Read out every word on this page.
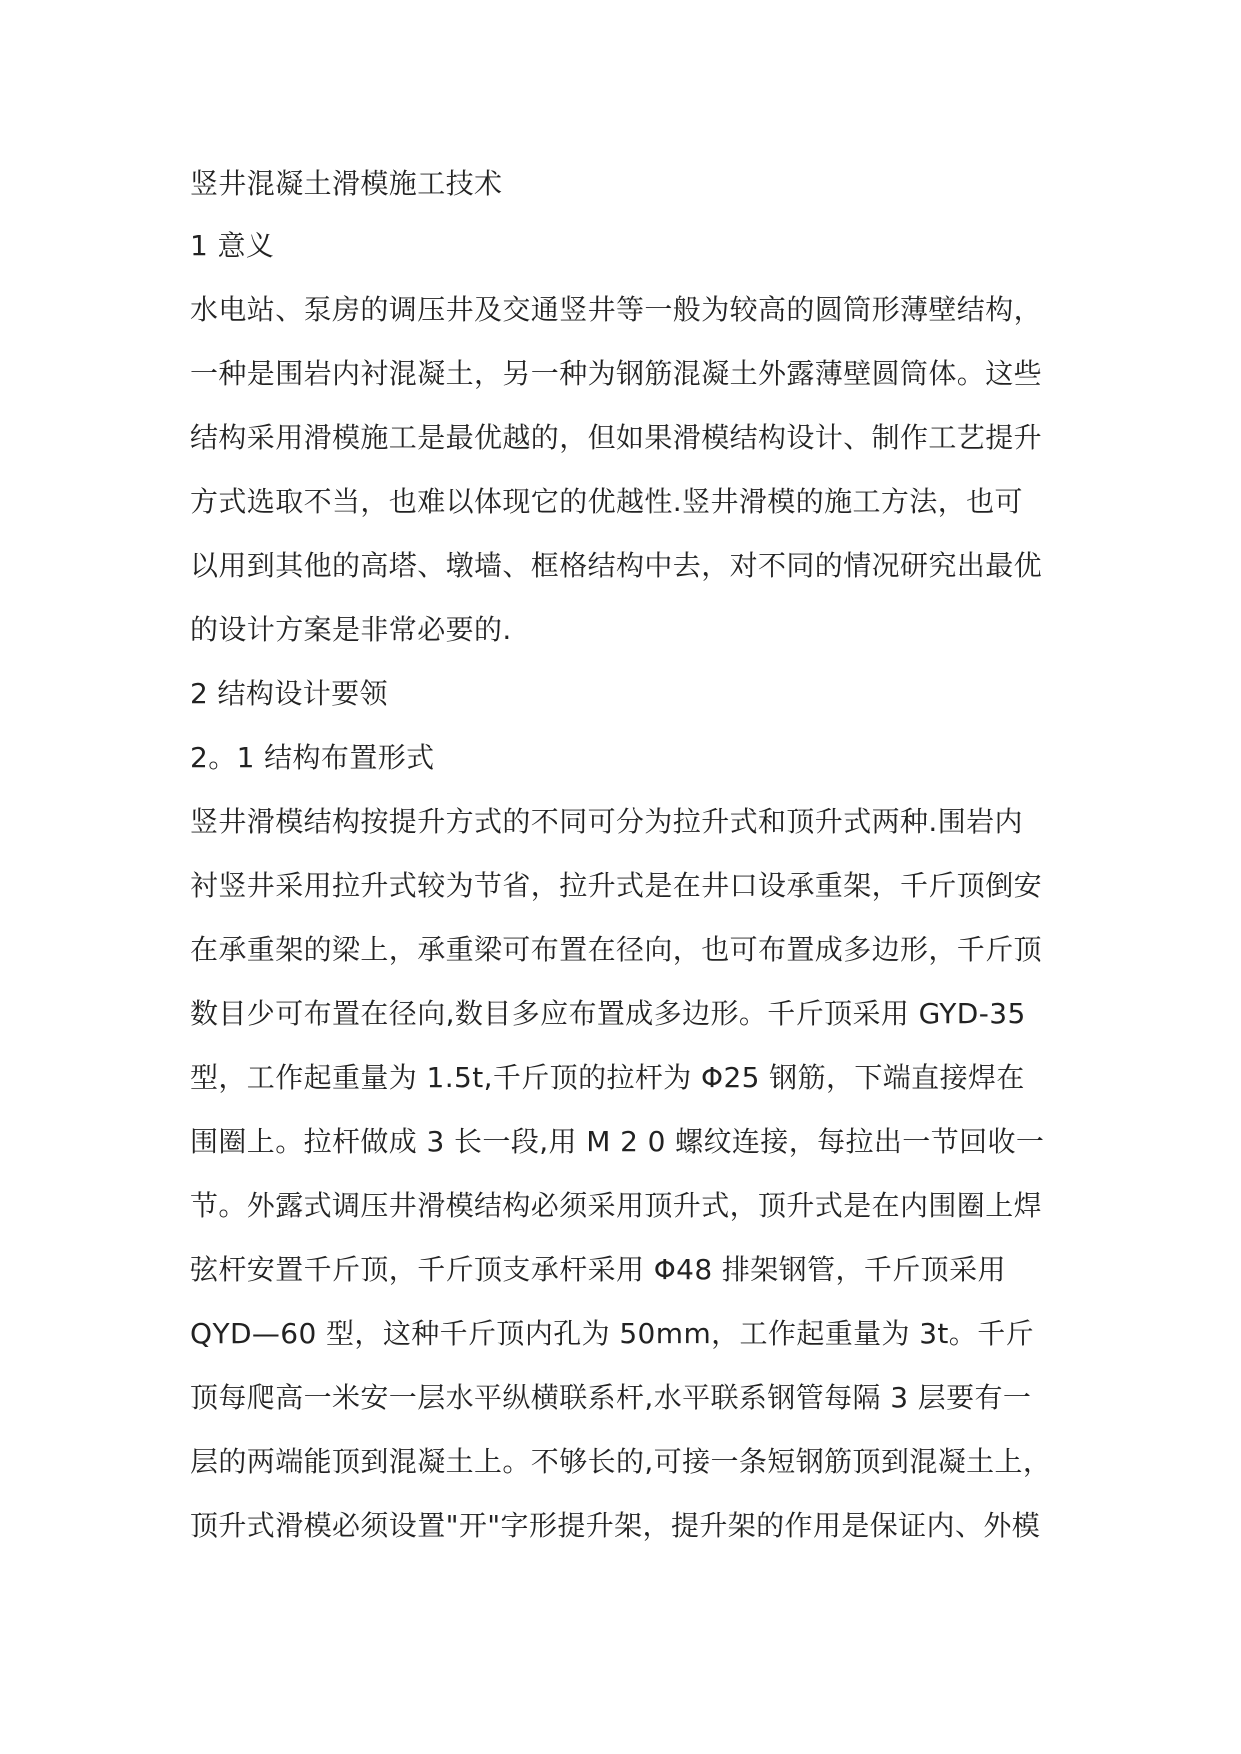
竖井混凝土滑模施工技术
1 意义
水电站、泵房的调压井及交通竖井等一般为较高的圆筒形薄壁结构，
一种是围岩内衬混凝土，另一种为钢筋混凝土外露薄壁圆筒体。这些
结构采用滑模施工是最优越的，但如果滑模结构设计、制作工艺提升
方式选取不当，也难以体现它的优越性.竖井滑模的施工方法，也可
以用到其他的高塔、墩墙、框格结构中去，对不同的情况研究出最优
的设计方案是非常必要的.
2 结构设计要领
2。1 结构布置形式
竖井滑模结构按提升方式的不同可分为拉升式和顶升式两种.围岩内
衬竖井采用拉升式较为节省，拉升式是在井口设承重架，千斤顶倒安
在承重架的梁上，承重梁可布置在径向，也可布置成多边形，千斤顶
数目少可布置在径向,数目多应布置成多边形。千斤顶采用 GYD-35
型，工作起重量为 1.5t,千斤顶的拉杆为 Φ25 钢筋，下端直接焊在
围圈上。拉杆做成 3 长一段,用 M 2 0 螺纹连接，每拉出一节回收一
节。外露式调压井滑模结构必须采用顶升式，顶升式是在内围圈上焊
弦杆安置千斤顶，千斤顶支承杆采用 Φ48 排架钢管，千斤顶采用
QYD—60 型，这种千斤顶内孔为 50mm，工作起重量为 3t。千斤
顶每爬高一米安一层水平纵横联系杆,水平联系钢管每隔 3 层要有一
层的两端能顶到混凝土上。不够长的,可接一条短钢筋顶到混凝土上，
顶升式滑模必须设置"开"字形提升架，提升架的作用是保证内、外模
